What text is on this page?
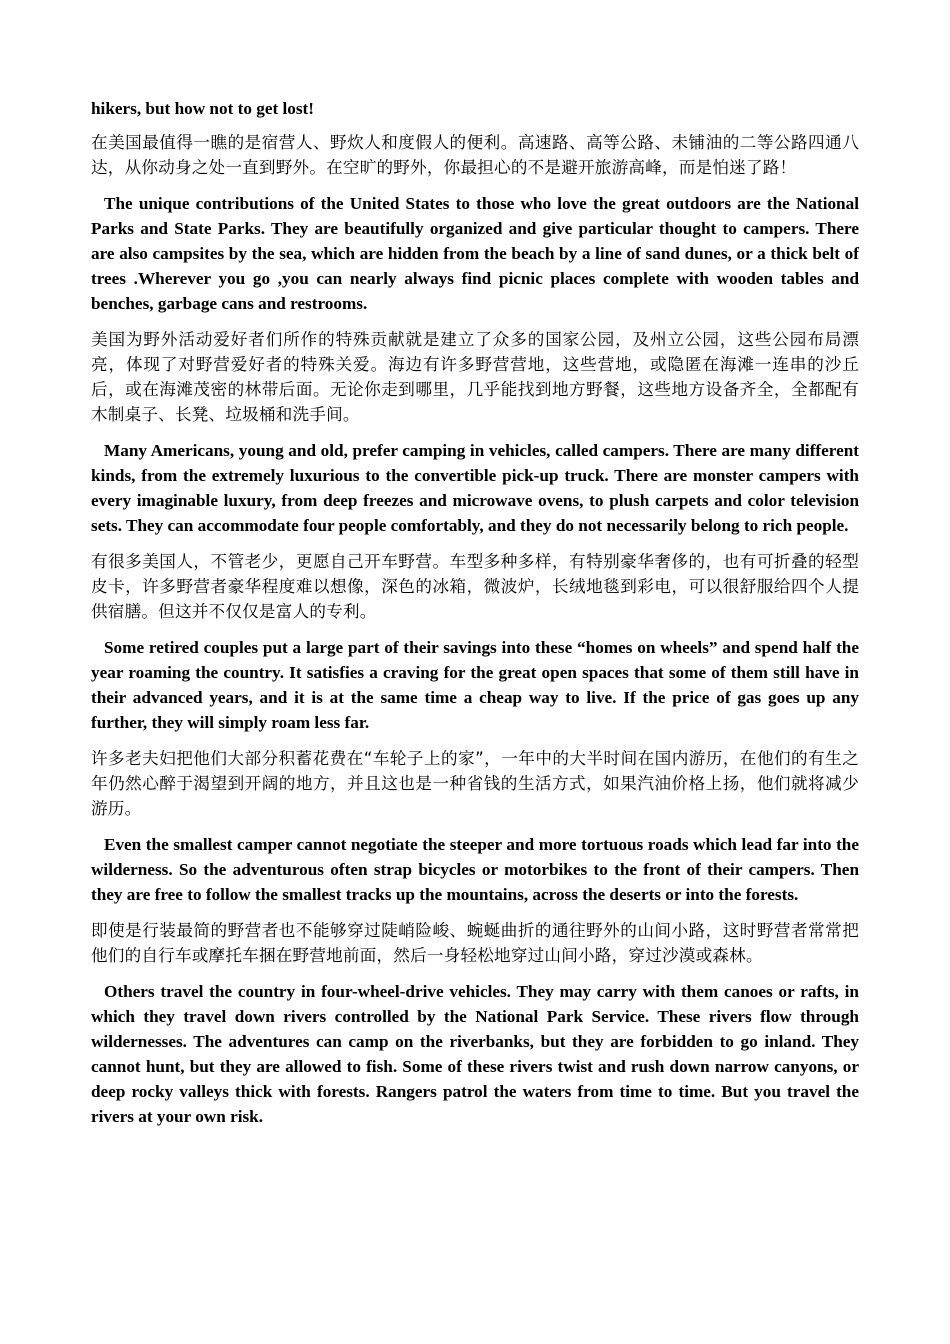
hikers, but how not to get lost!

在美国最值得一瞧的是宿营人、野炊人和度假人的便利。高速路、高等公路、未铺油的二等公路四通八达，从你动身之处一直到野外。在空旷的野外，你最担心的不是避开旅游高峰，而是怕迷了路！

The unique contributions of the United States to those who love the great outdoors are the National Parks and State Parks. They are beautifully organized and give particular thought to campers. There are also campsites by the sea, which are hidden from the beach by a line of sand dunes, or a thick belt of trees .Wherever you go ,you can nearly always find picnic places complete with wooden tables and benches, garbage cans and restrooms.

美国为野外活动爱好者们所作的特殊贡献就是建立了众多的国家公园，及州立公园，这些公园布局漂亮，体现了对野营爱好者的特殊关爱。海边有许多野营营地，这些营地，或隐匿在海滩一连串的沙丘后，或在海滩茂密的林带后面。无论你走到哪里，几乎能找到地方野餐，这些地方设备齐全，全都配有木制桌子、长凳、垃圾桶和洗手间。

Many Americans, young and old, prefer camping in vehicles, called campers. There are many different kinds, from the extremely luxurious to the convertible pick-up truck. There are monster campers with every imaginable luxury, from deep freezes and microwave ovens, to plush carpets and color television sets. They can accommodate four people comfortably, and they do not necessarily belong to rich people.

有很多美国人，不管老少，更愿自己开车野营。车型多种多样，有特别豪华奢侈的，也有可折叠的轻型皮卡，许多野营者豪华程度难以想像，深色的冰箱，微波炉，长绒地毯到彩电，可以很舒服给四个人提供宿膳。但这并不仅仅是富人的专利。

Some retired couples put a large part of their savings into these “homes on wheels” and spend half the year roaming the country. It satisfies a craving for the great open spaces that some of them still have in their advanced years, and it is at the same time a cheap way to live. If the price of gas goes up any further, they will simply roam less far.

许多老夫妇把他们大部分积蓄花费在“车轮子上的家”，一年中的大半时间在国内游历，在他们的有生之年仍然心醉于渴望到开阔的地方，并且这也是一种省钱的生活方式，如果汽油价格上扬，他们就将减少游历。

Even the smallest camper cannot negotiate the steeper and more tortuous roads which lead far into the wilderness. So the adventurous often strap bicycles or motorbikes to the front of their campers. Then they are free to follow the smallest tracks up the mountains, across the deserts or into the forests.

即使是行装最简的野营者也不能够穿过陡峭险峻、蜿蜒曲折的通往野外的山间小路，这时野营者常常把他们的自行车或摩托车捆在野营地前面，然后一身轻松地穿过山间小路，穿过沙漠或森林。

Others travel the country in four-wheel-drive vehicles. They may carry with them canoes or rafts, in which they travel down rivers controlled by the National Park Service. These rivers flow through wildernesses. The adventures can camp on the riverbanks, but they are forbidden to go inland. They cannot hunt, but they are allowed to fish. Some of these rivers twist and rush down narrow canyons, or deep rocky valleys thick with forests. Rangers patrol the waters from time to time. But you travel the rivers at your own risk.
